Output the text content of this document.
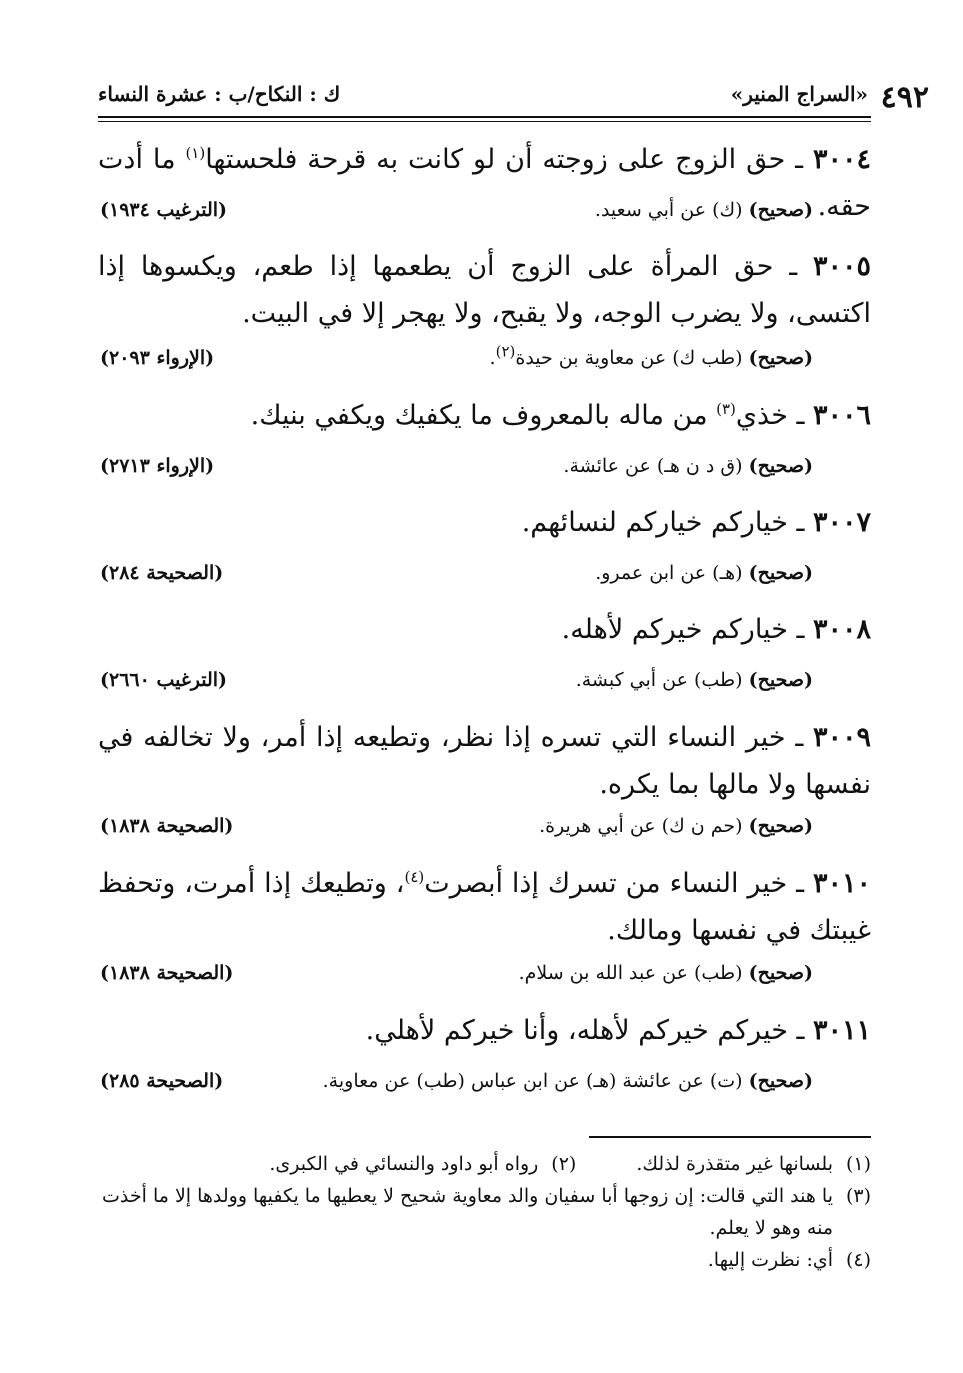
٤٩٢
«السراج المنير»
ك : النكاح/ب : عشرة النساء
٣٠٠٤ ـ حق الزوج على زوجته أن لو كانت به قرحة فلحستها$^{(١)}$ ما أدت حقه.
(صحيح) (ك) عن أبي سعيد.
(الترغيب ١٩٣٤)
٣٠٠٥ ـ حق المرأة على الزوج أن يطعمها إذا طعم، ويكسوها إذا اكتسى، ولا يضرب الوجه، ولا يقبح، ولا يهجر إلا في البيت.
(صحيح) (طب ك) عن معاوية بن حيدة$^{(٢)}$.
(الإرواء ٢٠٩٣)
٣٠٠٦ ـ خذي$^{(٣)}$ من ماله بالمعروف ما يكفيك ويكفي بنيك.
(صحيح) (ق د ن هـ) عن عائشة.
(الإرواء ٢٧١٣)
٣٠٠٧ ـ خياركم خياركم لنسائهم.
(صحيح) (هـ) عن ابن عمرو.
(الصحيحة ٢٨٤)
٣٠٠٨ ـ خياركم خيركم لأهله.
(صحيح) (طب) عن أبي كبشة.
(الترغيب ٢٦٦٠)
٣٠٠٩ ـ خير النساء التي تسره إذا نظر، وتطيعه إذا أمر، ولا تخالفه في نفسها ولا مالها بما يكره.
(صحيح) (حم ن ك) عن أبي هريرة.
(الصحيحة ١٨٣٨)
٣٠١٠ ـ خير النساء من تسرك إذا أبصرت$^{(٤)}$، وتطيعك إذا أمرت، وتحفظ غيبتك في نفسها ومالك.
(صحيح) (طب) عن عبد الله بن سلام.
(الصحيحة ١٨٣٨)
٣٠١١ ـ خيركم خيركم لأهله، وأنا خيركم لأهلي.
(صحيح) (ت) عن عائشة (هـ) عن ابن عباس (طب) عن معاوية.
(الصحيحة ٢٨٥)
(١)بلسانها غير متقذرة لذلك.
(٢)رواه أبو داود والنسائي في الكبرى.
(٣)
يا هند التي قالت: إن زوجها أبا سفيان والد معاوية شحيح لا يعطيها ما يكفيها وولدها إلا ما أخذت منه وهو لا يعلم.
(٤)أي: نظرت إليها.
